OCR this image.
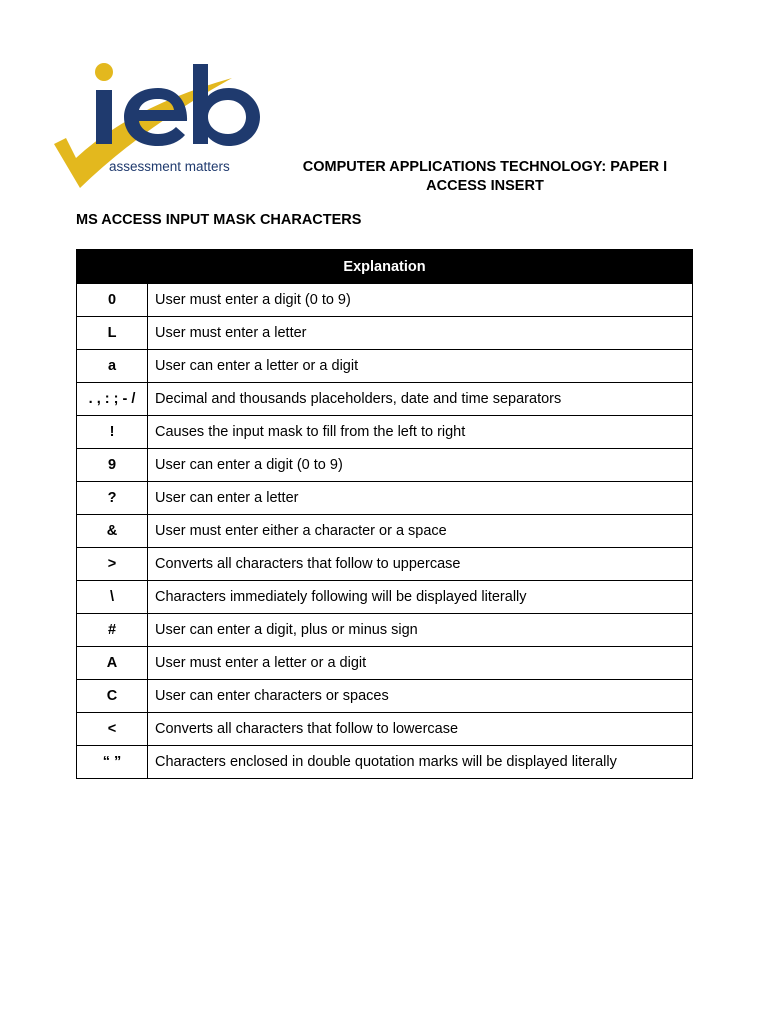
assessment matters	COMPUTER APPLICATIONS TECHNOLOGY: PAPER I
ACCESS INSERT
MS ACCESS INPUT MASK CHARACTERS
Explanation	
0	User must enter a digit (0 to 9)
L	User must enter a letter
a	User can enter a letter or a digit
. , : ; - /	Decimal and thousands placeholders, date and time separators
!	Causes the input mask to fill from the left to right
9	User can enter a digit (0 to 9)
?	User can enter a letter
&	User must enter either a character or a space
>	Converts all characters that follow to uppercase
\	Characters immediately following will be displayed literally
#	User can enter a digit, plus or minus sign
A	User must enter a letter or a digit
C	User can enter characters or spaces
<	Converts all characters that follow to lowercase
“ ”	Characters enclosed in double quotation marks will be displayed literally
